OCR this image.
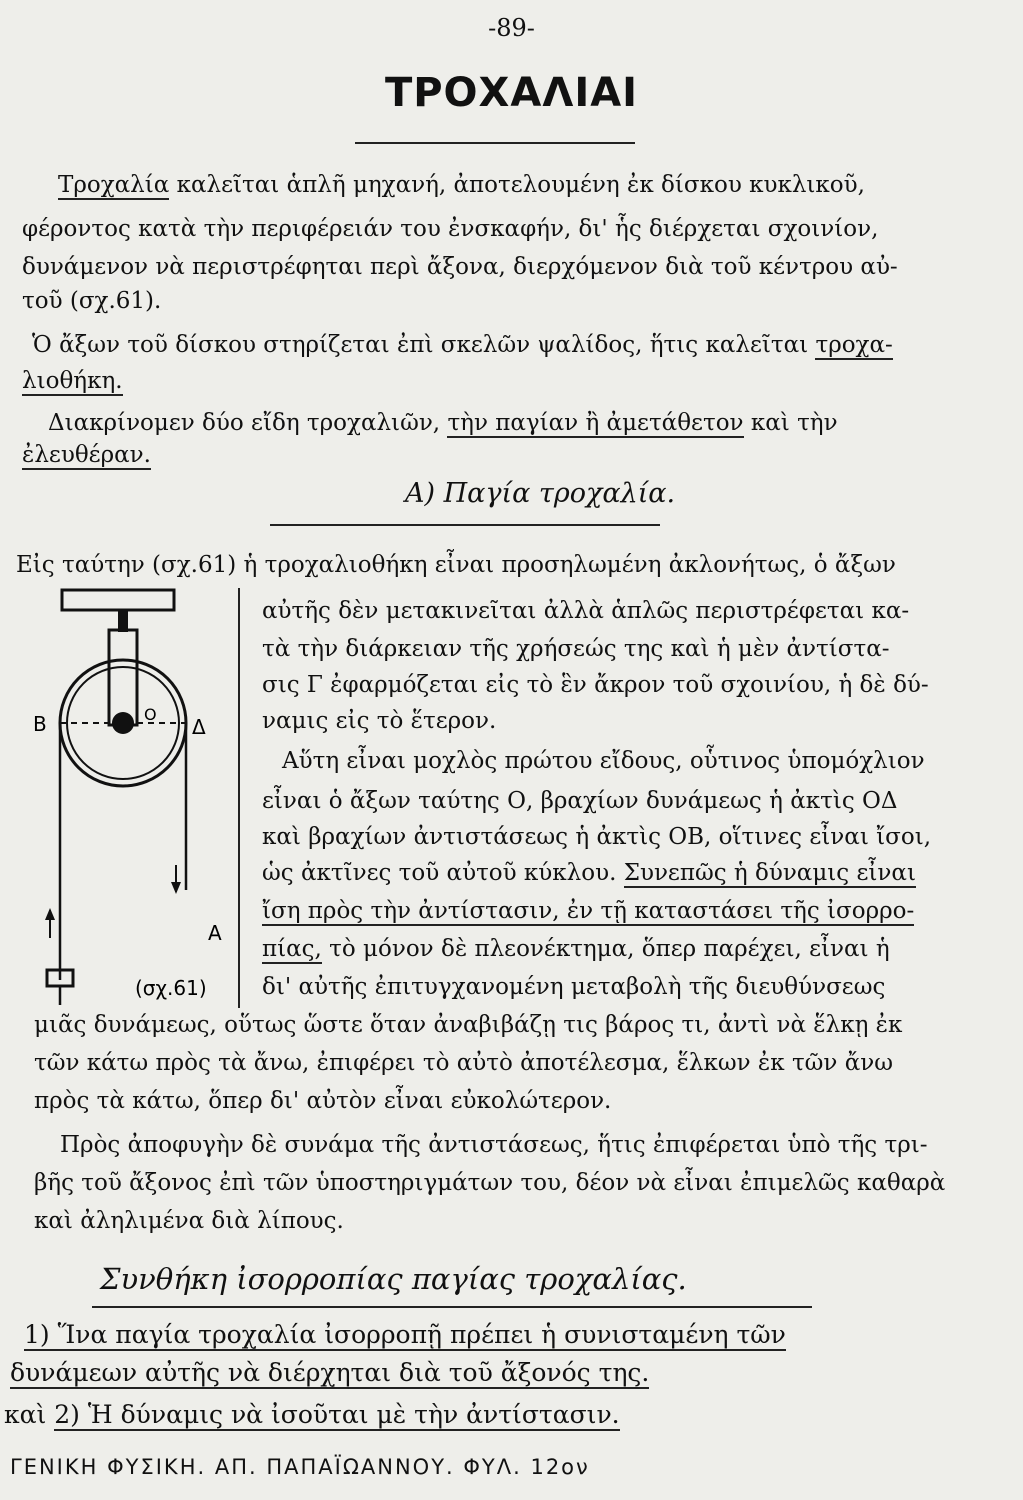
-89-
ΤΡΟΧΑΛΙΑΙ
Τροχαλία καλεῖται ἁπλῆ μηχανή, ἀποτελουμένη ἐκ δίσκου κυκλικοῦ,
φέροντος κατὰ τὴν περιφέρειάν του ἐνσκαφήν, δι' ἧς διέρχεται σχοινίον,
δυνάμενον νὰ περιστρέφηται περὶ ἄξονα, διερχόμενον διὰ τοῦ κέντρου αὐ-
τοῦ (σχ.61).
Ὁ ἄξων τοῦ δίσκου στηρίζεται ἐπὶ σκελῶν ψαλίδος, ἥτις καλεῖται τροχα-
λιοθήκη.
Διακρίνομεν δύο εἴδη τροχαλιῶν, τὴν παγίαν ἢ ἀμετάθετον καὶ τὴν
ἐλευθέραν.
Α) Παγία τροχαλία.
Εἰς ταύτην (σχ.61) ἡ τροχαλιοθήκη εἶναι προσηλωμένη ἀκλονήτως, ὁ ἄξων
αὐτῆς δὲν μετακινεῖται ἀλλὰ ἁπλῶς περιστρέφεται κα-
τὰ τὴν διάρκειαν τῆς χρήσεώς της καὶ ἡ μὲν ἀντίστα-
σις Γ ἐφαρμόζεται εἰς τὸ ἓν ἄκρον τοῦ σχοινίου, ἡ δὲ δύ-
ναμις εἰς τὸ ἕτερον.
Αὕτη εἶναι μοχλὸς πρώτου εἴδους, οὗτινος ὑπομόχλιον
εἶναι ὁ ἄξων ταύτης Ο, βραχίων δυνάμεως ἡ ἀκτὶς ΟΔ
καὶ βραχίων ἀντιστάσεως ἡ ἀκτὶς ΟΒ, οἵτινες εἶναι ἴσοι,
ὡς ἀκτῖνες τοῦ αὐτοῦ κύκλου. Συνεπῶς ἡ δύναμις εἶναι
ἴση πρὸς τὴν ἀντίστασιν, ἐν τῇ καταστάσει τῆς ἰσορρο-
πίας, τὸ μόνον δὲ πλεονέκτημα, ὅπερ παρέχει, εἶναι ἡ
δι' αὐτῆς ἐπιτυγχανομένη μεταβολὴ τῆς διευθύνσεως
μιᾶς δυνάμεως, οὕτως ὥστε ὅταν ἀναβιβάζῃ τις βάρος τι, ἀντὶ νὰ ἕλκῃ ἐκ
τῶν κάτω πρὸς τὰ ἄνω, ἐπιφέρει τὸ αὐτὸ ἀποτέλεσμα, ἕλκων ἐκ τῶν ἄνω
πρὸς τὰ κάτω, ὅπερ δι' αὐτὸν εἶναι εὐκολώτερον.
Πρὸς ἀποφυγὴν δὲ συνάμα τῆς ἀντιστάσεως, ἥτις ἐπιφέρεται ὑπὸ τῆς τρι-
βῆς τοῦ ἄξονος ἐπὶ τῶν ὑποστηριγμάτων του, δέον νὰ εἶναι ἐπιμελῶς καθαρὰ
καὶ ἀληλιμένα διὰ λίπους.
Β	Ο
Δ
Α
(σχ.61)
Συνθήκη ἰσορροπίας παγίας τροχαλίας.
1) Ἵνα παγία τροχαλία ἰσορροπῇ πρέπει ἡ συνισταμένη τῶν
δυνάμεων αὐτῆς νὰ διέρχηται διὰ τοῦ ἄξονός της.
καὶ 2) Ἡ δύναμις νὰ ἰσοῦται μὲ τὴν ἀντίστασιν.
ΓΕΝΙΚΗ ΦΥΣΙΚΗ. ΑΠ. ΠΑΠΑΪΩΑΝΝΟΥ. ΦΥΛ. 12ον
